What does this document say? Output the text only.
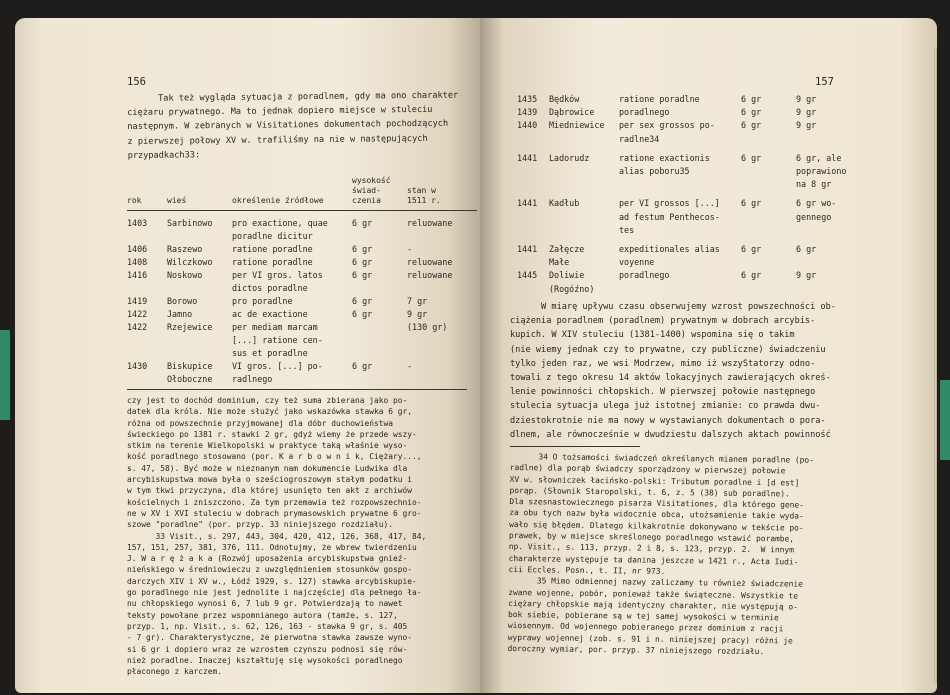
156
Tak też wygląda sytuacja z poradlnem, gdy ma ono charakter
ciężaru prywatnego. Ma to jednak dopiero miejsce w stuleciu
następnym. W zebranych w Visitationes dokumentach pochodzących
z pierwszej połowy XV w. trafiliśmy na nie w następujących
przypadkach33:
rok	wieś	określenie źródłowe	wysokość
świad-
czenia	stan w
1511 r.
1403	Sarbinowo	pro exactione, quae
poradlne dicitur	6 gr	reluowane
1406	Raszewo	ratione poradlne	6 gr	-
1408	Wilczkowo	ratione poradlne	6 gr	reluowane
1416	Noskowo	per VI gros. latos
dictos poradlne	6 gr	reluowane
1419	Borowo	pro poradlne	6 gr	7 gr
1422	Jamno	ac de exactione	6 gr	9 gr
1422	Rzejewice	per mediam marcam
[...] ratione cen-
sus et poradlne		(130 gr)
1430	Biskupice
Ołoboczne	VI gros. [...] po-
radlnego	6 gr	-
czy jest to dochód dominium, czy też suma zbierana jako po-
datek dla króla. Nie może służyć jako wskazówka stawka 6 gr,
różna od powszechnie przyjmowanej dla dóbr duchowieństwa
świeckiego po 1381 r. stawki 2 gr, gdyż wiemy że przede wszy-
stkim na terenie Wielkopolski w praktyce taką właśnie wyso-
kość poradlnego stosowano (por. K a r b o w n i k, Ciężary...,
s. 47, 58). Być może w nieznanym nam dokumencie Ludwika dla
arcybiskupstwa mowa była o sześciogroszowym stałym podatku i
w tym tkwi przyczyna, dla której usunięto ten akt z archiwów
kościelnych i zniszczono. Za tym przemawia też rozpowszechnio-
ne w XV i XVI stuleciu w dobrach prymasowskich prywatne 6 gro-
szowe "poradlne" (por. przyp. 33 niniejszego rozdziału).
33 Visit., s. 297, 443, 304, 420, 412, 126, 368, 417, 84,
157, 151, 257, 381, 376, 111. Odnotujmy, że wbrew twierdzeniu
J. W a r ę ż a k a (Rozwój uposażenia arcybiskupstwa gnieź-
nieńskiego w średniowieczu z uwzględnieniem stosunków gospo-
darczych XIV i XV w., Łódź 1929, s. 127) stawka arcybiskupie-
go poradlnego nie jest jednolite i najczęściej dla pełnego ła-
nu chłopskiego wynosi 6, 7 lub 9 gr. Potwierdzają to nawet
teksty powołane przez wspomnianego autora (tamże, s. 127,
przyp. 1, np. Visit., s. 62, 126, 163 - stawka 9 gr, s. 405
- 7 gr). Charakterystyczne, że pierwotna stawka zawsze wyno-
si 6 gr i dopiero wraz ze wzrostem czynszu podnosi się rów-
nież poradlne. Inaczej kształtuję się wysokości poradlnego
płaconego z karczem.
157
1435	Będków	ratione poradlne	6 gr	9 gr
1439	Dąbrowice	poradlnego	6 gr	9 gr
1440	Miedniewice	per sex grossos po-
radlne34	6 gr	9 gr
1441	Ladorudz	ratione exactionis
alias poboru35	6 gr	6 gr, ale
poprawiono
na 8 gr
1441	Kadłub	per VI grossos [...]
ad festum Penthecos-
tes	6 gr	6 gr wo-
gennego
1441	Załęcze
Małe	expeditionales alias
voyenne	6 gr	6 gr
1445	Doliwie
(Rogóźno)	poradlnego	6 gr	9 gr
W miarę upływu czasu obserwujemy wzrost powszechności ob-
ciążenia poradlnem (poradlnem) prywatnym w dobrach arcybis-
kupich. W XIV stuleciu (1381-1400) wspomina się o takim
(nie wiemy jednak czy to prywatne, czy publiczne) świadczeniu
tylko jeden raz, we wsi Modrzew, mimo iż wszyStatorzy odno-
towali z tego okresu 14 aktów lokacyjnych zawierających okreś-
lenie powinności chłopskich. W pierwszej połowie następnego
stulecia sytuacja ulega już istotnej zmianie: co prawda dwu-
dziestokrotnie nie ma nowy w wystawianych dokumentach o pora-
dlnem, ale równocześnie w dwudziestu dalszych aktach powinność
34 O tożsamości świadczeń określanych mianem poradlne (po-
radlne) dla porąb świadczy sporządzony w pierwszej połowie
XV w. słowniczek łacińsko-polski: Tributum poradlne i [d est]
porąp. (Słownik Staropolski, t. 6, z. 5 (38) sub poradlne).
Dla szesnastowiecznego pisarza Visitationes, dla którego gene-
za obu tych nazw była widocznie obca, utożsamienie takie wyda-
wało się błędem. Dlatego kilkakrotnie dokonywano w tekście po-
prawek, by w miejsce skreślonego poradlnego wstawić porambe,
np. Visit., s. 113, przyp. 2 i 8, s. 123, przyp. 2.  W innym
charakterze występuje ta danina jeszcze w 1421 r., Acta Iudi-
cii Eccles. Posn., t. II, nr 973.
35 Mimo odmiennej nazwy zaliczamy tu również świadczenie
zwane wojenne, pobór, ponieważ także świąteczne. Wszystkie te
ciężary chłopskie mają identyczny charakter, nie występują o-
bok siebie, pobierane są w tej samej wysokości w terminie
wiosennym. Od wojennego pobieranego przez dominium z racji
wyprawy wojennej (zob. s. 91 i n. niniejszej pracy) różni je
doroczny wymiar, por. przyp. 37 niniejszego rozdziału.
